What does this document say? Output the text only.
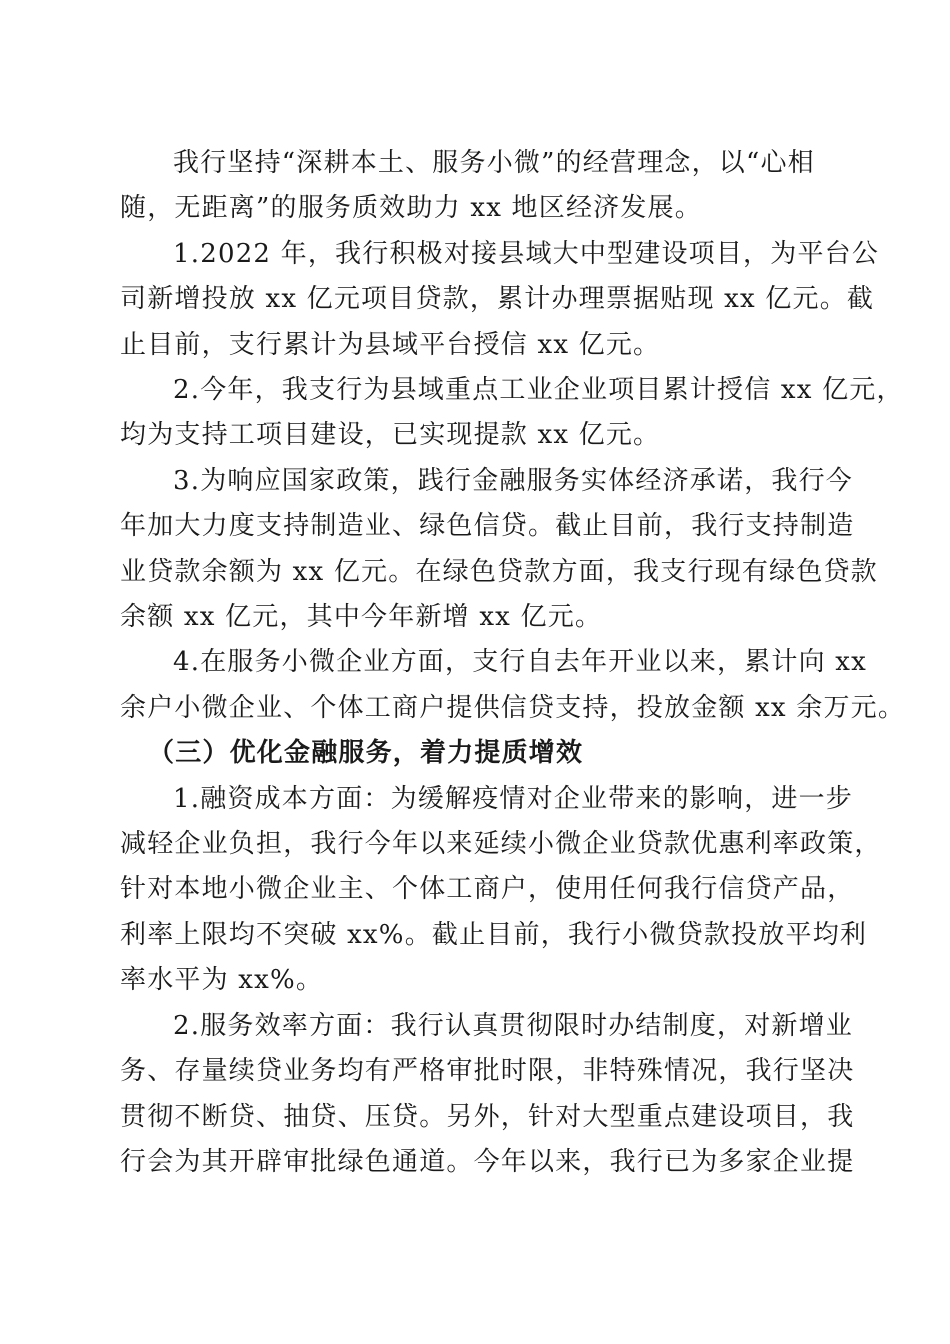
我行坚持“深耕本土、服务小微”的经营理念，以“心相
随，无距离”的服务质效助力 xx 地区经济发展。
1.2022 年，我行积极对接县域大中型建设项目，为平台公
司新增投放 xx 亿元项目贷款，累计办理票据贴现 xx 亿元。截
止目前，支行累计为县域平台授信 xx 亿元。
2.今年，我支行为县域重点工业企业项目累计授信 xx 亿元，
均为支持工项目建设，已实现提款 xx 亿元。
3.为响应国家政策，践行金融服务实体经济承诺，我行今
年加大力度支持制造业、绿色信贷。截止目前，我行支持制造
业贷款余额为 xx 亿元。在绿色贷款方面，我支行现有绿色贷款
余额 xx 亿元，其中今年新增 xx 亿元。
4.在服务小微企业方面，支行自去年开业以来，累计向 xx
余户小微企业、个体工商户提供信贷支持，投放金额 xx 余万元。
（三）优化金融服务，着力提质增效
1.融资成本方面：为缓解疫情对企业带来的影响，进一步
减轻企业负担，我行今年以来延续小微企业贷款优惠利率政策，
针对本地小微企业主、个体工商户，使用任何我行信贷产品，
利率上限均不突破 xx%。截止目前，我行小微贷款投放平均利
率水平为 xx%。
2.服务效率方面：我行认真贯彻限时办结制度，对新增业
务、存量续贷业务均有严格审批时限，非特殊情况，我行坚决
贯彻不断贷、抽贷、压贷。另外，针对大型重点建设项目，我
行会为其开辟审批绿色通道。今年以来，我行已为多家企业提
